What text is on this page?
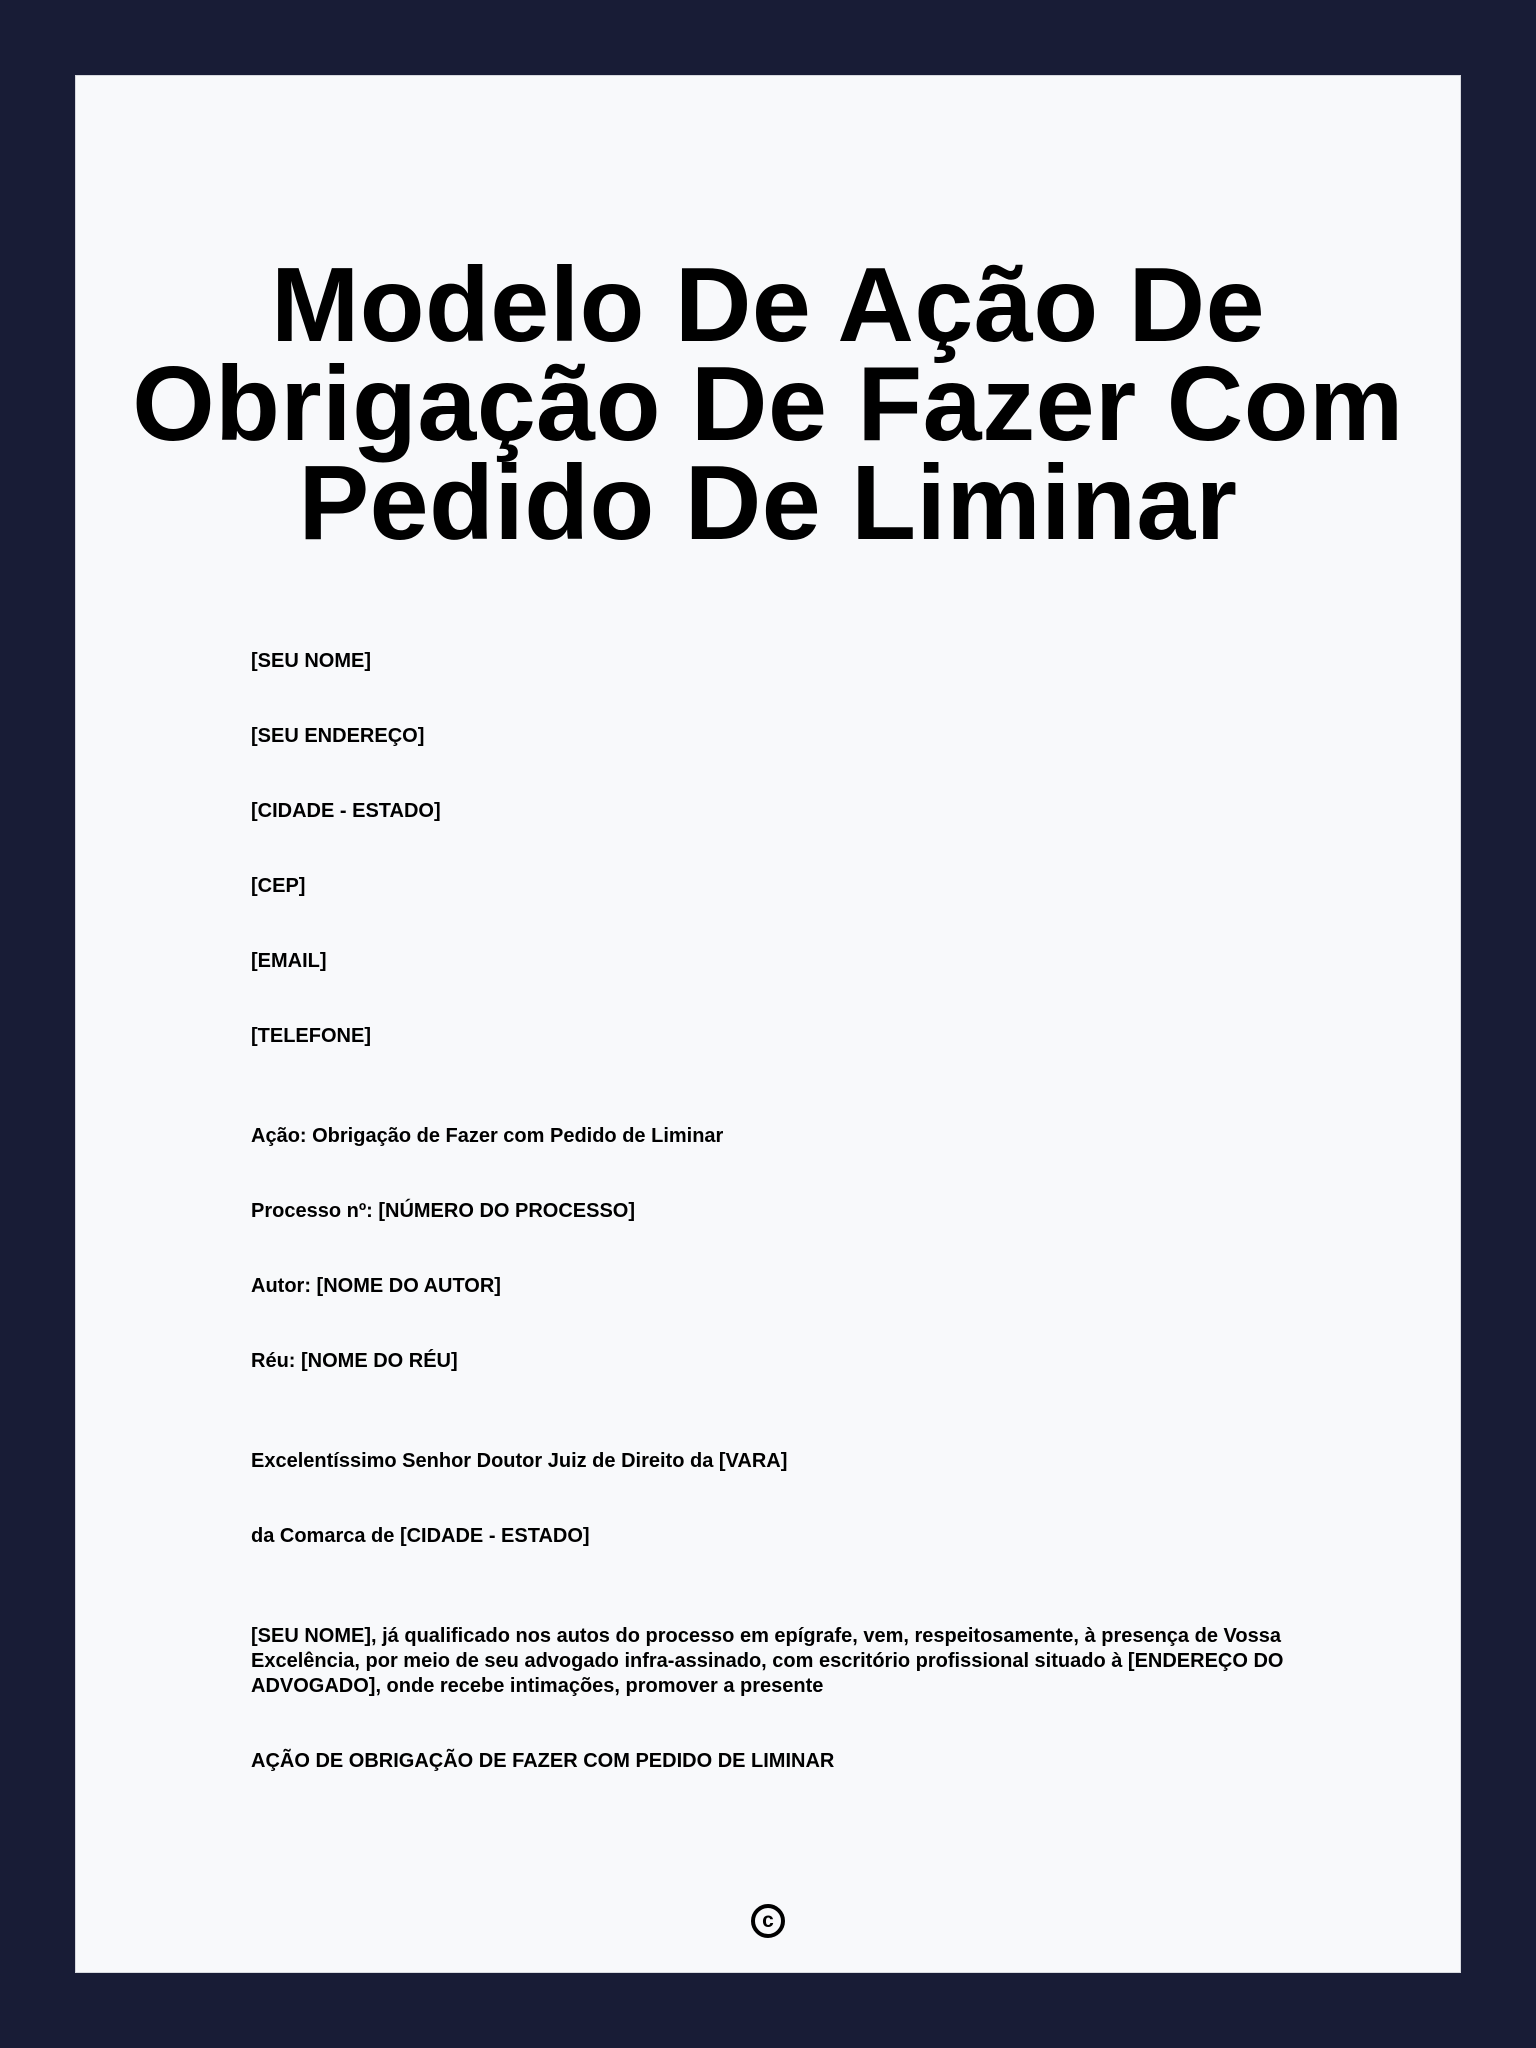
Modelo De Ação De Obrigação De Fazer Com Pedido De Liminar

[SEU NOME]

[SEU ENDEREÇO]

[CIDADE - ESTADO]

[CEP]

[EMAIL]

[TELEFONE]

Ação: Obrigação de Fazer com Pedido de Liminar

Processo nº: [NÚMERO DO PROCESSO]

Autor: [NOME DO AUTOR]

Réu: [NOME DO RÉU]

Excelentíssimo Senhor Doutor Juiz de Direito da [VARA]

da Comarca de [CIDADE - ESTADO]

[SEU NOME], já qualificado nos autos do processo em epígrafe, vem, respeitosamente, à presença de Vossa Excelência, por meio de seu advogado infra-assinado, com escritório profissional situado à [ENDEREÇO DO ADVOGADO], onde recebe intimações, promover a presente

AÇÃO DE OBRIGAÇÃO DE FAZER COM PEDIDO DE LIMINAR

c
